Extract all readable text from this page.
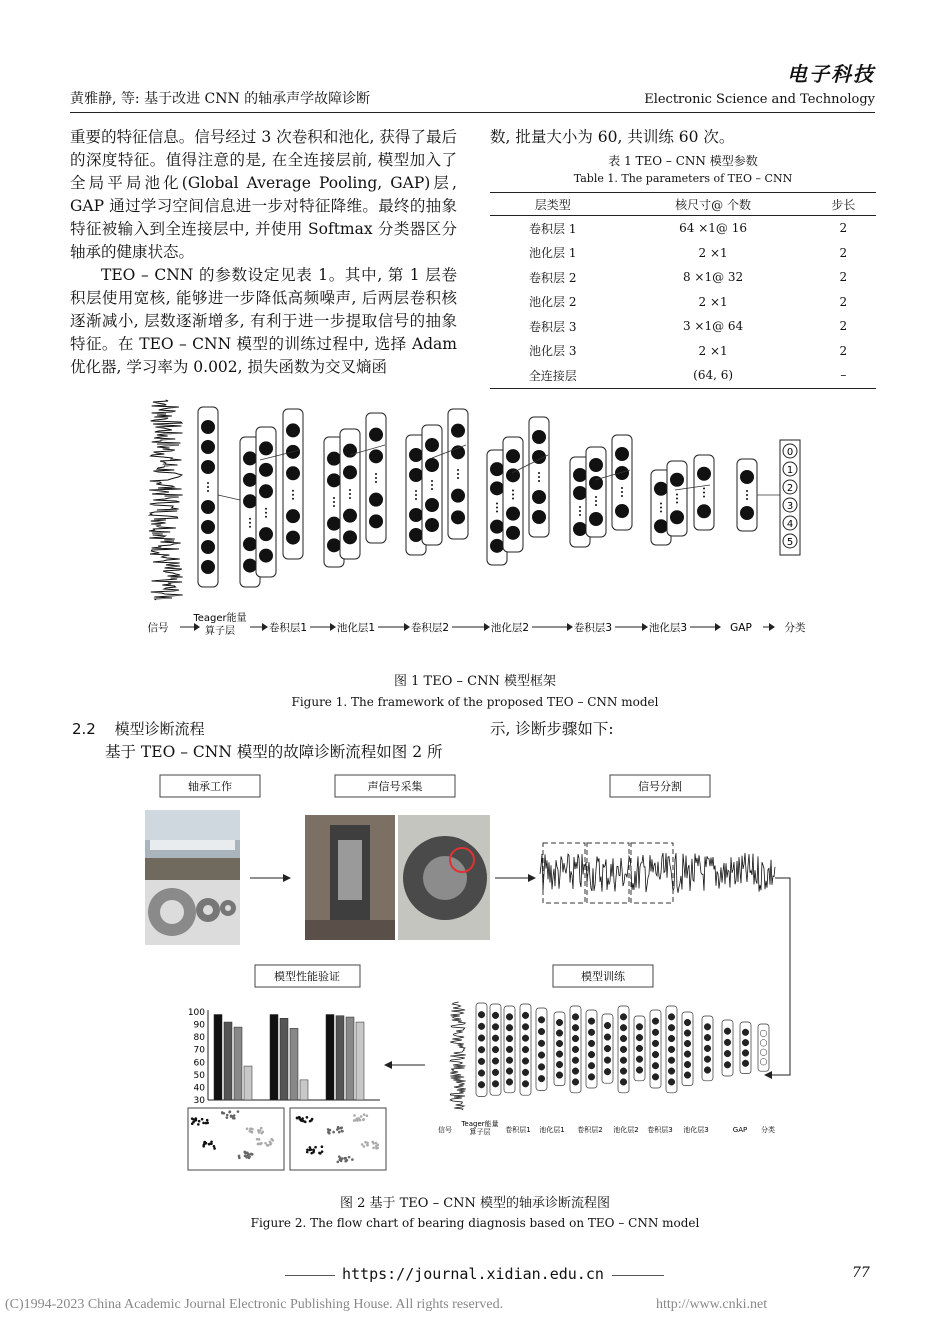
黄雅静, 等: 基于改进 CNN 的轴承声学故障诊断
电子科技
Electronic Science and Technology
重要的特征信息。信号经过 3 次卷积和池化, 获得了最后的深度特征。值得注意的是, 在全连接层前, 模型加入了全局平局池化(Global Average Pooling, GAP)层, GAP 通过学习空间信息进一步对特征降维。最终的抽象特征被输入到全连接层中, 并使用 Softmax 分类器区分轴承的健康状态。
TEO – CNN 的参数设定见表 1。其中, 第 1 层卷积层使用宽核, 能够进一步降低高频噪声, 后两层卷积核逐渐减小, 层数逐渐增多, 有利于进一步提取信号的抽象特征。在 TEO – CNN 模型的训练过程中, 选择 Adam 优化器, 学习率为 0.002, 损失函数为交叉熵函
数, 批量大小为 60, 共训练 60 次。
表 1 TEO – CNN 模型参数
Table 1. The parameters of TEO – CNN
层类型	核尺寸@ 个数	步长
卷积层 1	64 ×1@ 16	2
池化层 1	2 ×1	2
卷积层 2	8 ×1@ 32	2
池化层 2	2 ×1	2
卷积层 3	3 ×1@ 64	2
池化层 3	2 ×1	2
全连接层	(64, 6)	–
0
1
2
3
4
5
信号
Teager能量
算子层	卷积层1	池化层1	卷积层2	池化层2	卷积层3	池化层3	GAP	分类
图 1 TEO – CNN 模型框架
Figure 1. The framework of the proposed TEO – CNN model
2.2 模型诊断流程
基于 TEO – CNN 模型的故障诊断流程如图 2 所
示, 诊断步骤如下:
轴承工作	声信号采集	信号分割
模型性能验证	模型训练
100
90
80
70
60
50
40
30
信号
Teager能量
算子层 卷积层1 池化层1 卷积层2 池化层2 卷积层3 池化层3	GAP 分类
图 2 基于 TEO – CNN 模型的轴承诊断流程图
Figure 2. The flow chart of bearing diagnosis based on TEO – CNN model
https://journal.xidian.edu.cn	77
(C)1994-2023 China Academic Journal Electronic Publishing House. All rights reserved.	http://www.cnki.net
